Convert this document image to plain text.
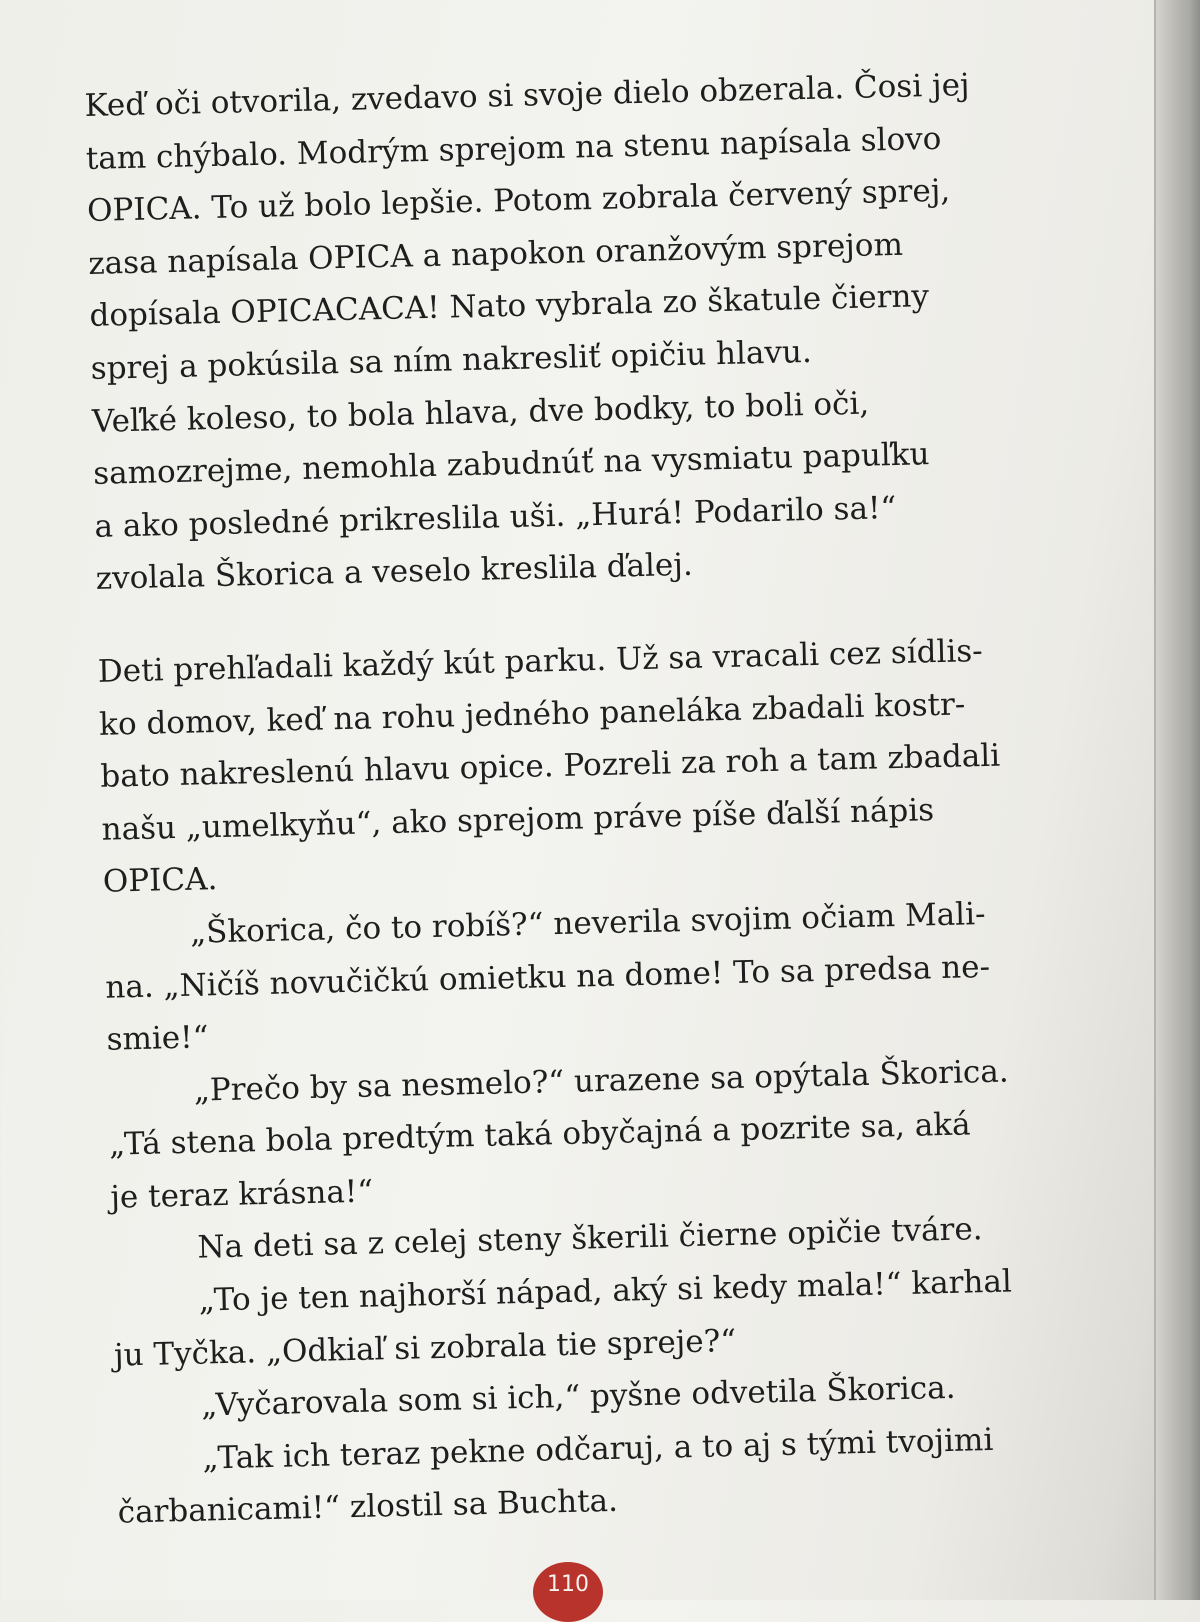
Keď oči otvorila, zvedavo si svoje dielo obzerala. Čosi jej
tam chýbalo. Modrým sprejom na stenu napísala slovo
OPICA. To už bolo lepšie. Potom zobrala červený sprej,
zasa napísala OPICA a napokon oranžovým sprejom
dopísala OPICACACA! Nato vybrala zo škatule čierny
sprej a pokúsila sa ním nakresliť opičiu hlavu.
Veľké koleso, to bola hlava, dve bodky, to boli oči,
samozrejme, nemohla zabudnúť na vysmiatu papuľku
a ako posledné prikreslila uši. „Hurá! Podarilo sa!“
zvolala Škorica a veselo kreslila ďalej.
Deti prehľadali každý kút parku. Už sa vracali cez sídlis-
ko domov, keď na rohu jedného paneláka zbadali kostr-
bato nakreslenú hlavu opice. Pozreli za roh a tam zbadali
našu „umelkyňu“, ako sprejom práve píše ďalší nápis
OPICA.
„Škorica, čo to robíš?“ neverila svojim očiam Mali-
na. „Ničíš novučičkú omietku na dome! To sa predsa ne-
smie!“
„Prečo by sa nesmelo?“ urazene sa opýtala Škorica.
„Tá stena bola predtým taká obyčajná a pozrite sa, aká
je teraz krásna!“
Na deti sa z celej steny škerili čierne opičie tváre.
„To je ten najhorší nápad, aký si kedy mala!“ karhal
ju Tyčka. „Odkiaľ si zobrala tie spreje?“
„Vyčarovala som si ich,“ pyšne odvetila Škorica.
„Tak ich teraz pekne odčaruj, a to aj s tými tvojimi
čarbanicami!“ zlostil sa Buchta.
110
